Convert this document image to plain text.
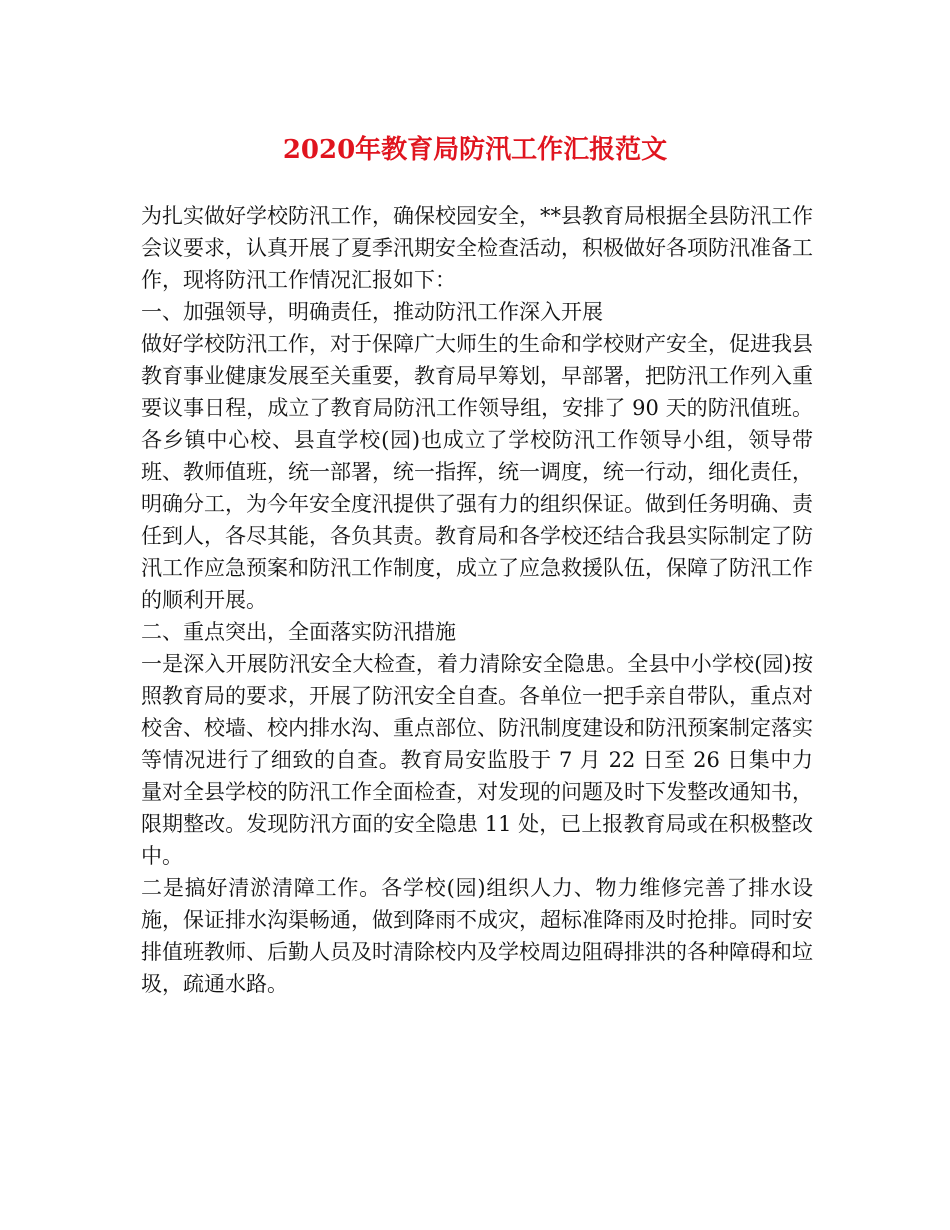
2020年教育局防汛工作汇报范文

为扎实做好学校防汛工作，确保校园安全，**县教育局根据全县防汛工作会议要求，认真开展了夏季汛期安全检查活动，积极做好各项防汛准备工作，现将防汛工作情况汇报如下：

一、加强领导，明确责任，推动防汛工作深入开展

做好学校防汛工作，对于保障广大师生的生命和学校财产安全，促进我县教育事业健康发展至关重要，教育局早筹划，早部署，把防汛工作列入重要议事日程，成立了教育局防汛工作领导组，安排了 90 天的防汛值班。各乡镇中心校、县直学校(园)也成立了学校防汛工作领导小组，领导带班、教师值班，统一部署，统一指挥，统一调度，统一行动，细化责任，明确分工，为今年安全度汛提供了强有力的组织保证。做到任务明确、责任到人，各尽其能，各负其责。教育局和各学校还结合我县实际制定了防汛工作应急预案和防汛工作制度，成立了应急救援队伍，保障了防汛工作的顺利开展。

二、重点突出，全面落实防汛措施

一是深入开展防汛安全大检查，着力清除安全隐患。全县中小学校(园)按照教育局的要求，开展了防汛安全自查。各单位一把手亲自带队，重点对校舍、校墙、校内排水沟、重点部位、防汛制度建设和防汛预案制定落实等情况进行了细致的自查。教育局安监股于 7 月 22 日至 26 日集中力量对全县学校的防汛工作全面检查，对发现的问题及时下发整改通知书，限期整改。发现防汛方面的安全隐患 11 处，已上报教育局或在积极整改中。

二是搞好清淤清障工作。各学校(园)组织人力、物力维修完善了排水设施，保证排水沟渠畅通，做到降雨不成灾，超标准降雨及时抢排。同时安排值班教师、后勤人员及时清除校内及学校周边阻碍排洪的各种障碍和垃圾，疏通水路。
